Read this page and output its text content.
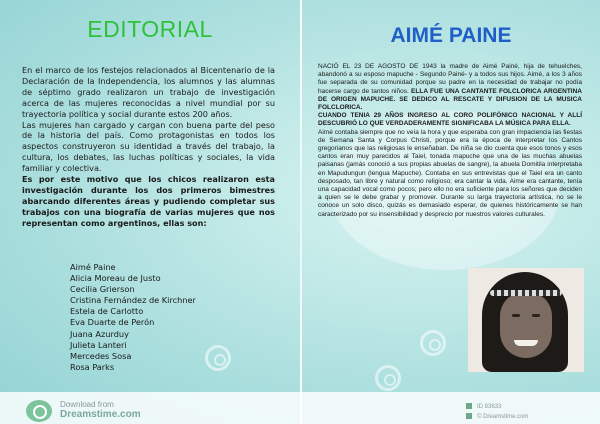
EDITORIAL

En el marco de los festejos relacionados al Bicentenario de la Declaración de la Independencia, los alumnos y las alumnas de séptimo grado realizaron un trabajo de investigación acerca de las mujeres reconocidas a nivel mundial por su trayectoria política y social durante estos 200 años.

Las mujeres han cargado y cargan con buena parte del peso de la historia del país. Como protagonistas en todos los aspectos construyeron su identidad a través del trabajo, la cultura, los debates, las luchas políticas y sociales, la vida familiar y colectiva.

Es por este motivo que los chicos realizaron esta investigación durante los dos primeros bimestres abarcando diferentes áreas y pudiendo completar sus trabajos con una biografía de varias mujeres que nos representan como argentinos, ellas son:

Aimé Paine
Alicia Moreau de Justo
Cecilia Grierson
Cristina Fernández de Kirchner
Estela de Carlotto
Eva Duarte de Perón
Juana Azurduy
Julieta Lanteri
Mercedes Sosa
Rosa Parks
AIMÉ PAINE

NACIÓ EL 23 DE AGOSTO DE 1943 la madre de Aimé Painé, hija de tehuelches, abandonó a su esposo mapuche - Segundo Painé- y a todos sus hijos. Aimé, a los 3 años fue separada de su comunidad porque su padre en la necesidad de trabajar no podía hacerse cargo de tantos niños. ELLA FUE UNA CANTANTE FOLCLORICA ARGENTINA DE ORIGEN MAPUCHE. SE DEDICO AL RESCATE Y DIFUSION DE LA MUSICA FOLCLORICA.

CUANDO TENIA 29 AÑOS INGRESO AL CORO POLIFÓNICO NACIONAL Y ALLÍ DESCUBRIÓ LO QUE VERDADERAMENTE SIGNIFICABA LA MÚSICA PARA ELLA.

Aimé contaba siempre que no veía la hora y que esperaba con gran impaciencia las fiestas de Semana Santa y Corpus Christi, porque era la época de interpretar los Cantos gregorianos que las religiosas le enseñaban. De niña se dio cuenta que esos tonos y esos cantos eran muy parecidos al Taiel, tonada mapuche que una de las muchas abuelas paisanas (jamás conoció a sus propias abuelas de sangre), la abuela Domitila interpretaba en Mapudungun (lengua Mapuche). Contaba en sus entrevistas que el Taiel era un canto desposado, tan libre y natural como religioso; era cantar la vida. Aime era cantante, tenía una capacidad vocal como pocos; pero ello no era suficiente para los señores que deciden a quien se le debe grabar y promover. Durante su larga trayectoria artística, no se le conoce un solo disco, quizás es demasiado esperar, de quienes históricamente se han caracterizado por su insensibilidad y desprecio por nuestros valores culturales.

Download from
Dreamstime.com
ID 83633
© Dreamstime.com
